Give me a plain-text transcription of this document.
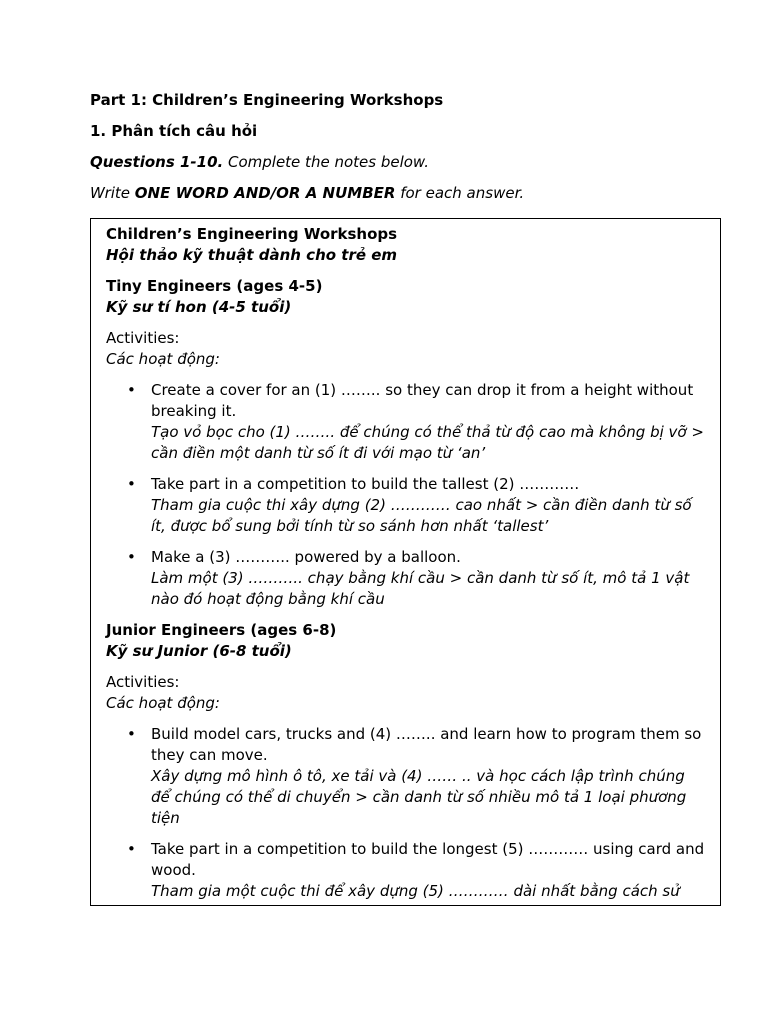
Part 1: Children’s Engineering Workshops

1. Phân tích câu hỏi

Questions 1-10. Complete the notes below.

Write ONE WORD AND/OR A NUMBER for each answer.

Children’s Engineering Workshops

Hội thảo kỹ thuật dành cho trẻ em

Tiny Engineers (ages 4-5)

Kỹ sư tí hon (4-5 tuổi)

Activities:

Các hoạt động:

• Create a cover for an (1) …….. so they can drop it from a height without breaking it.
Tạo vỏ bọc cho (1) …….. để chúng có thể thả từ độ cao mà không bị vỡ > cần điền một danh từ số ít đi với mạo từ ‘an’
• Take part in a competition to build the tallest (2) …………
Tham gia cuộc thi xây dựng (2) ………… cao nhất > cần điền danh từ số ít, được bổ sung bởi tính từ so sánh hơn nhất ‘tallest’
• Make a (3) ……….. powered by a balloon.
Làm một (3) ……….. chạy bằng khí cầu > cần danh từ số ít, mô tả 1 vật nào đó hoạt động bằng khí cầu

Junior Engineers (ages 6-8)

Kỹ sư Junior (6-8 tuổi)

Activities:

Các hoạt động:

• Build model cars, trucks and (4) …….. and learn how to program them so they can move.
Xây dựng mô hình ô tô, xe tải và (4) …… .. và học cách lập trình chúng để chúng có thể di chuyển > cần danh từ số nhiều mô tả 1 loại phương tiện
• Take part in a competition to build the longest (5) ………… using card and wood.
Tham gia một cuộc thi để xây dựng (5) ………… dài nhất bằng cách sử
